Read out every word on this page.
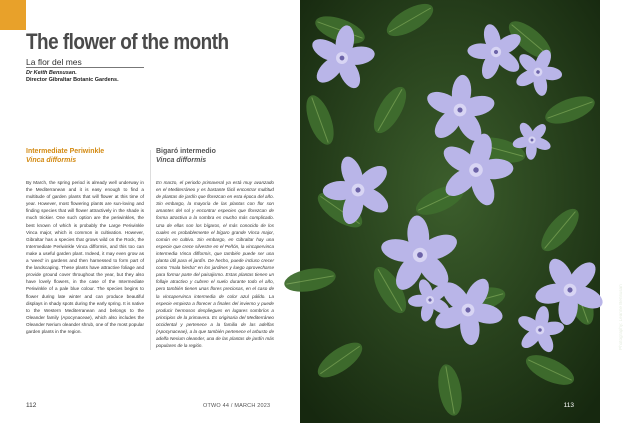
The flower of the month
La flor del mes
Dr Keith Bensusan.
Director Gibraltar Botanic Gardens.
Intermediate Periwinkle
Vinca difformis
By March, the spring period is already well underway in the Mediterranean and it is easy enough to find a multitude of garden plants that will flower at this time of year. However, most flowering plants are sun-loving and finding species that will flower attractively in the shade is much trickier. One such option are the periwinkles, the best known of which is probably the Large Periwinkle Vinca major, which is common in cultivation. However, Gibraltar has a species that grows wild on the Rock, the Intermediate Periwinkle Vinca difformis, and this too can make a useful garden plant. Indeed, it may even grow as a ‘weed’ in gardens and then harnessed to form part of the landscaping. These plants have attractive foliage and provide ground cover throughout the year, but they also have lovely flowers, in the case of the Intermediate Periwinkle of a pale blue colour. The species begins to flower during late winter and can produce beautiful displays in shady spots during the early spring. It is native to the Western Mediterranean and belongs to the Oleander family (Apocynaceae), which also includes the Oleander Nerium oleander shrub, one of the most popular garden plants in the region.
Bigaró intermedio
Vinca difformis
En marzo, el periodo primaveral ya está muy avanzado en el Mediterráneo y es bastante fácil encontrar multitud de plantas de jardín que florezcan en esta época del año. Sin embargo, la mayoría de las plantas con flor son amantes del sol y encontrar especies que florezcan de forma atractiva a la sombra es mucho más complicado. Una de ellas son los bígaros, el más conocido de los cuales es probablemente el bígaro grande Vinca major, común en cultivo. Sin embargo, en Gibraltar hay una especie que crece silvestre en el Peñón, la vincapervinca intermedia Vinca difformis, que también puede ser una planta útil para el jardín. De hecho, puede incluso crecer como “mala hierba” en los jardines y luego aprovecharse para formar parte del paisajismo. Estas plantas tienen un follaje atractivo y cubren el suelo durante todo el año, pero también tienen unas flores preciosas, en el caso de la vincapervinca intermedia de color azul pálido. La especie empieza a florecer a finales del invierno y puede producir hermosos despliegues en lugares sombríos a principios de la primavera. Es originaria del Mediterráneo occidental y pertenece a la familia de las adelfas (Apocynaceae), a la que también pertenece el arbusto de adelfa Nerium oleander, una de las plantas de jardín más populares de la región.
112	OTWO 44 / MARCH 2023
Photography: Leanne Bensusan
113
